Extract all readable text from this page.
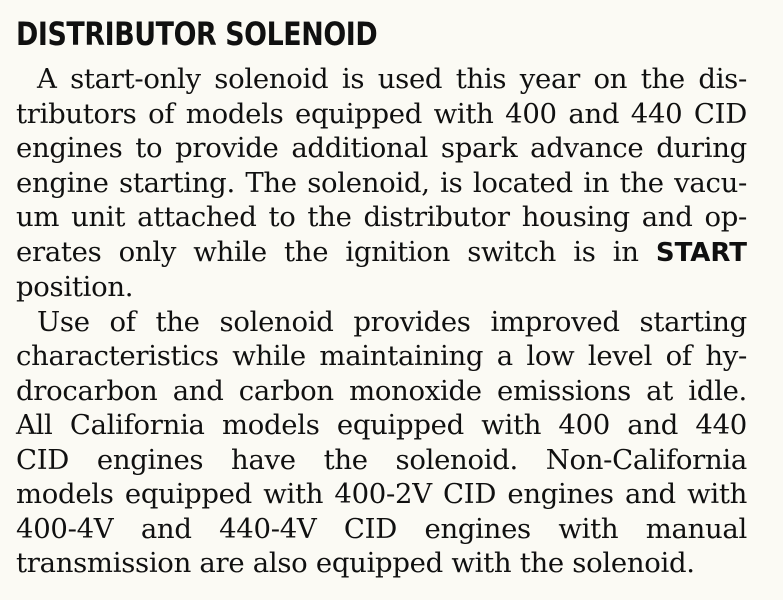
DISTRIBUTOR SOLENOID
A start-only solenoid is used this year on the dis-
tributors of models equipped with 400 and 440 CID
engines to provide additional spark advance during
engine starting. The solenoid, is located in the vacu-
um unit attached to the distributor housing and op-
erates only while the ignition switch is in START
position.
Use of the solenoid provides improved starting
characteristics while maintaining a low level of hy-
drocarbon and carbon monoxide emissions at idle.
All California models equipped with 400 and 440
CID engines have the solenoid. Non-California
models equipped with 400-2V CID engines and with
400-4V and 440-4V CID engines with manual
transmission are also equipped with the solenoid.
